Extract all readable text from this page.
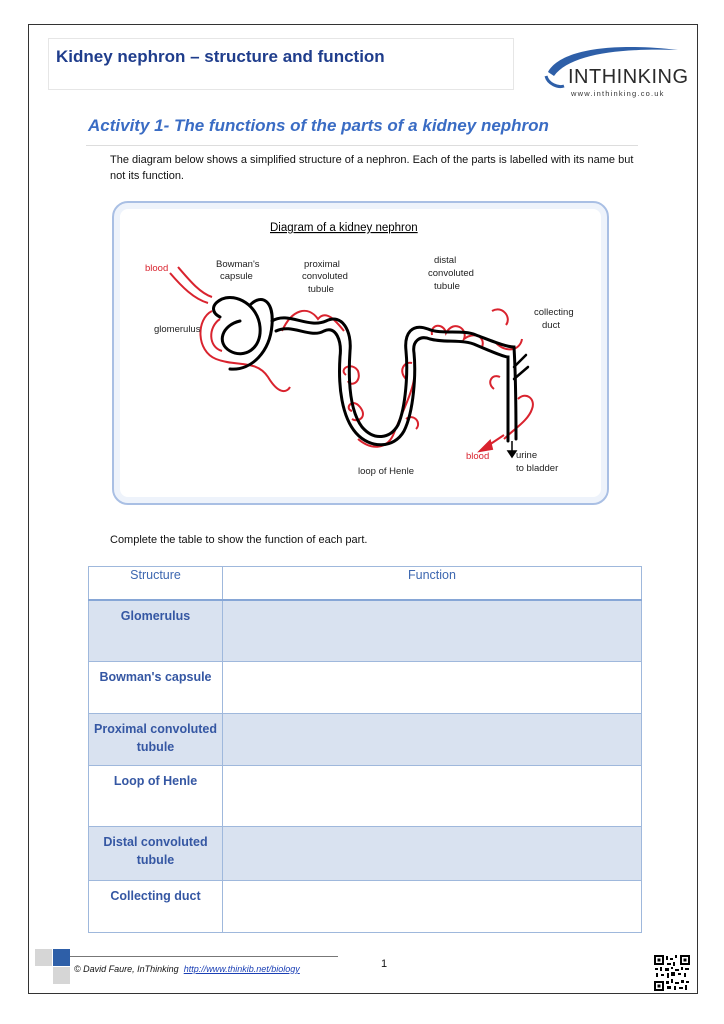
Kidney nephron – structure and function
INTHINKING
www.inthinking.co.uk
Activity 1- The functions of the parts of a kidney nephron
The diagram below shows a simplified structure of a nephron. Each of the parts is labelled with its name but not its function.
Diagram of a kidney nephron
blood	Bowman's
capsule
proximal
convoluted
tubule
distal
convoluted
tubule
collecting
duct
glomerulus
blood	urine
to bladder
loop of Henle
Complete the table to show the function of each part.
Structure	Function
Glomerulus	
Bowman's capsule	
Proximal convoluted tubule	
Loop of Henle	
Distal convoluted tubule	
Collecting duct	
© David Faure, InThinking http://www.thinkib.net/biology	1
